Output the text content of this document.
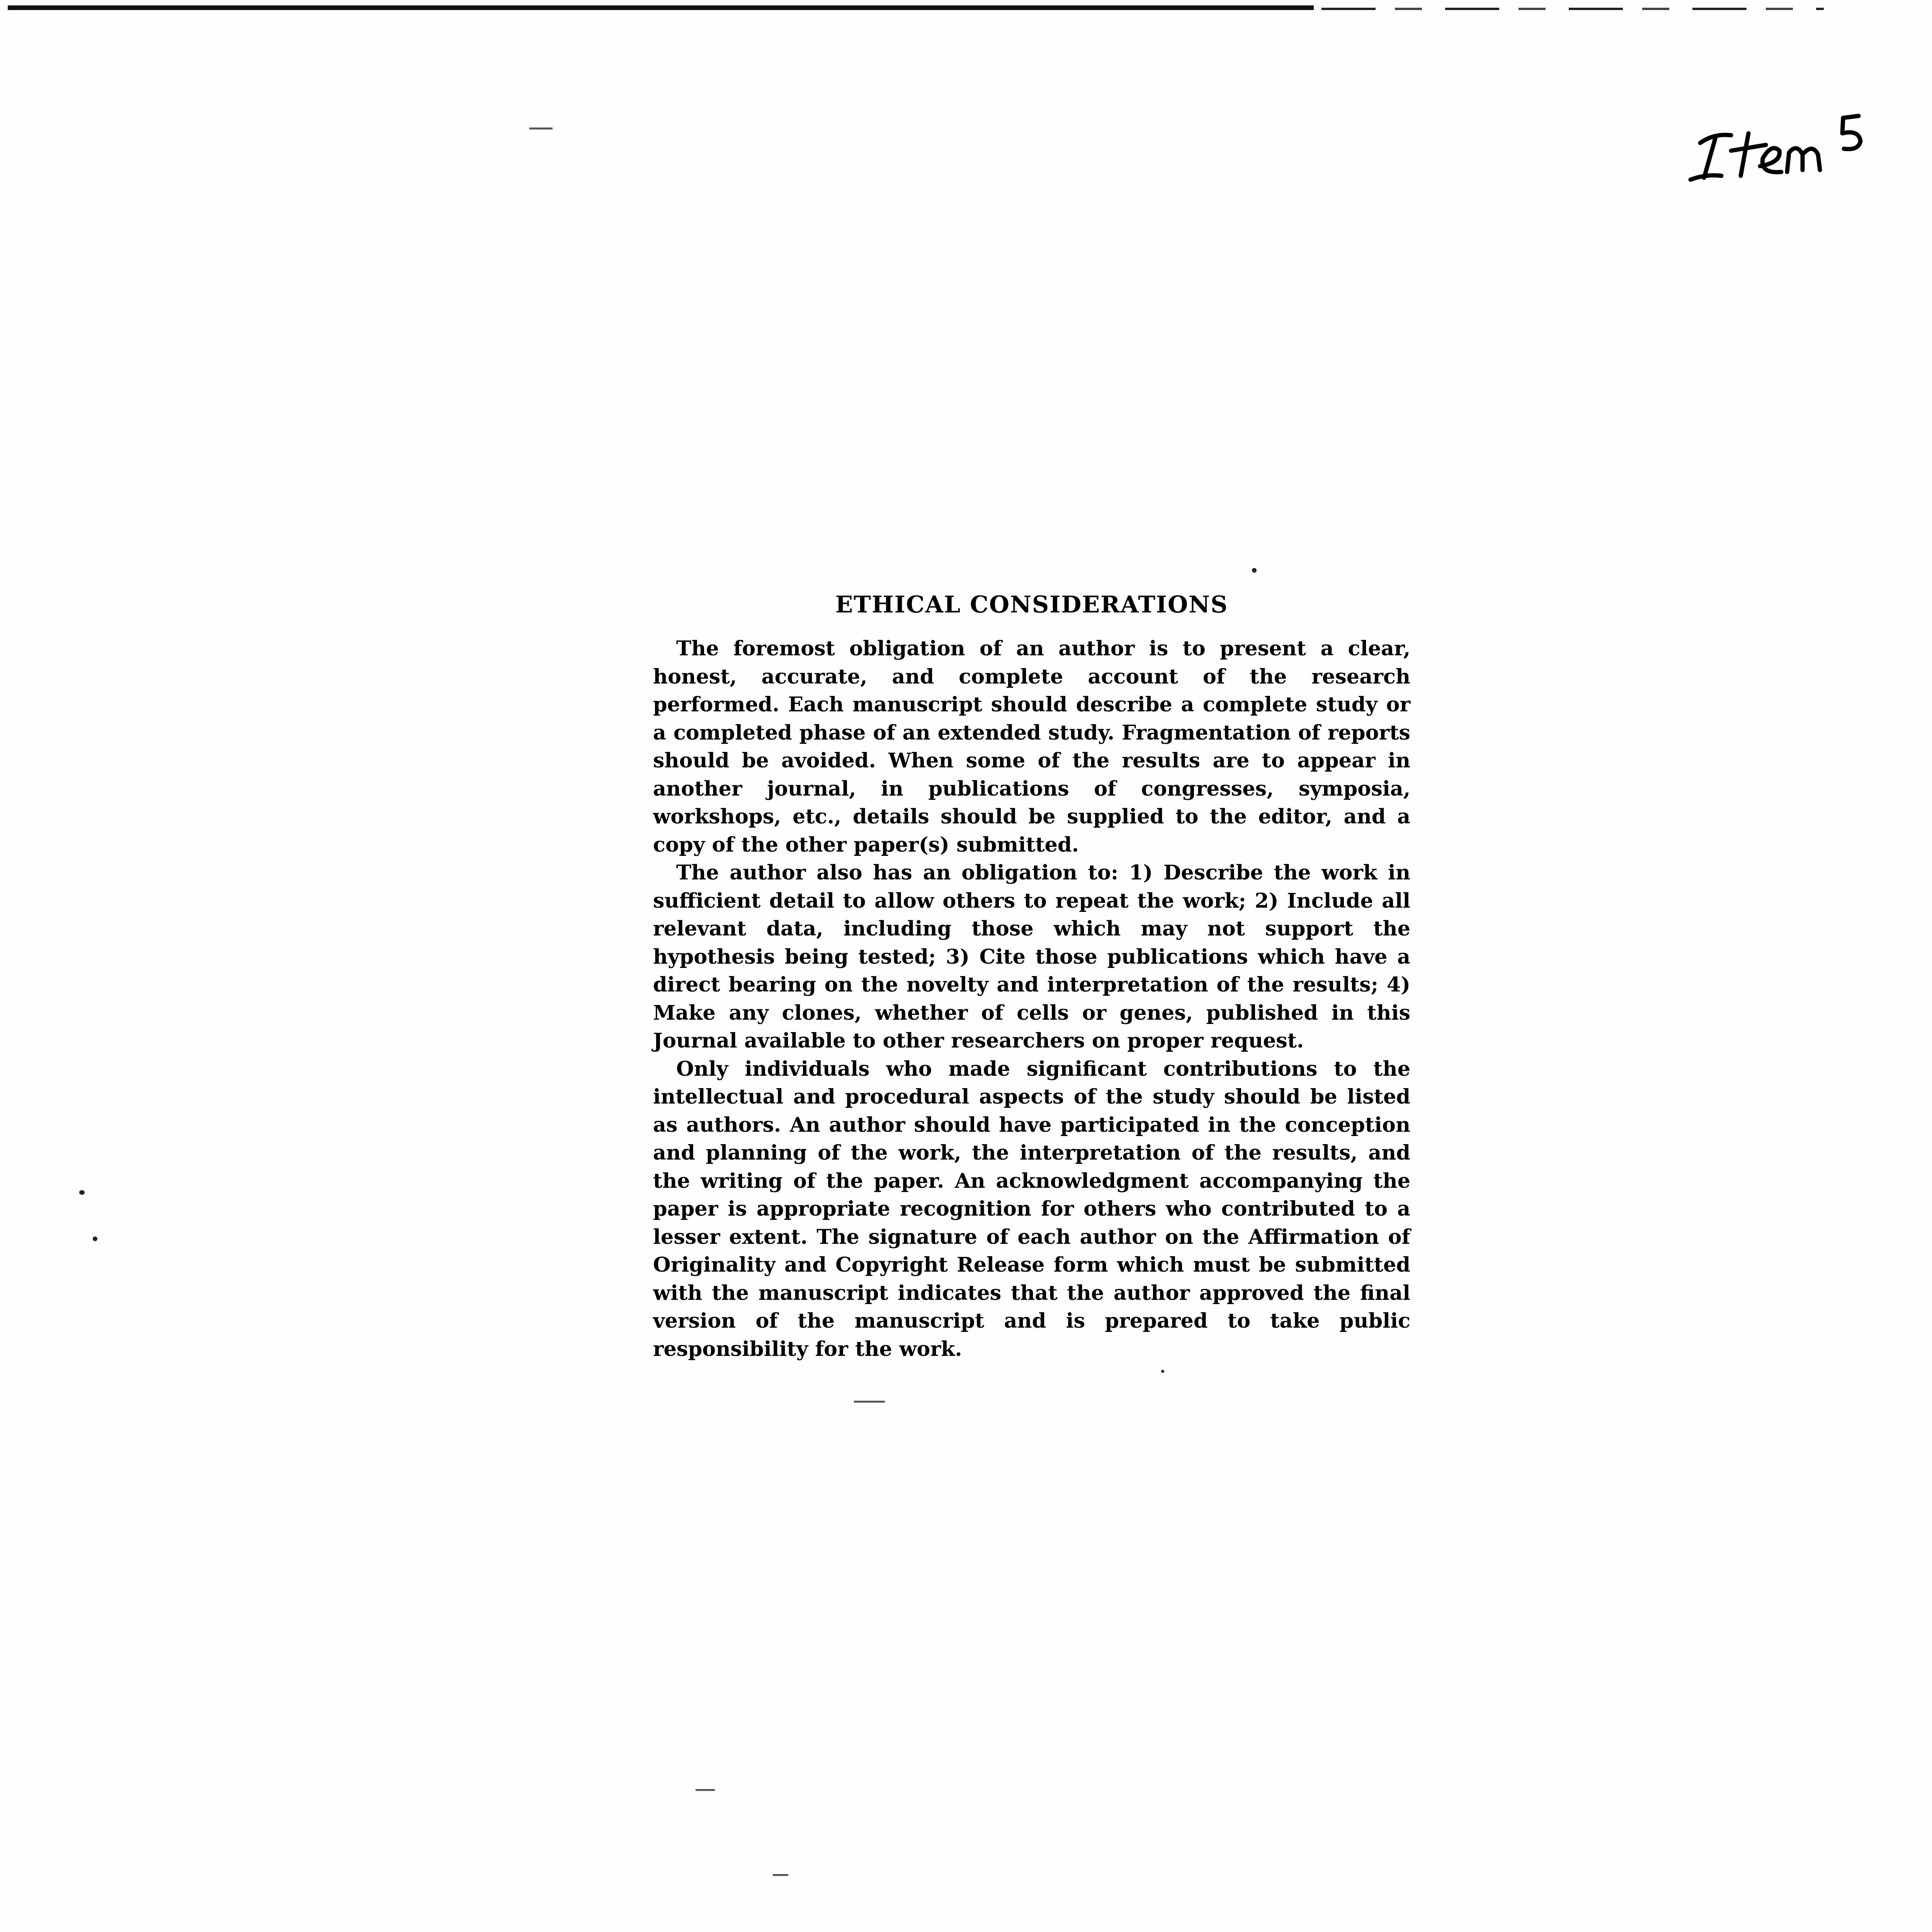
ETHICAL CONSIDERATIONS

The foremost obligation of an author is to present a clear, honest, accurate, and complete account of the research performed. Each manuscript should describe a complete study or a completed phase of an extended study. Fragmentation of reports should be avoided. When some of the results are to appear in another journal, in publications of congresses, symposia, workshops, etc., details should be supplied to the editor, and a copy of the other paper(s) submitted.

The author also has an obligation to: 1) Describe the work in sufficient detail to allow others to repeat the work; 2) Include all relevant data, including those which may not support the hypothesis being tested; 3) Cite those publications which have a direct bearing on the novelty and interpretation of the results; 4) Make any clones, whether of cells or genes, published in this Journal available to other researchers on proper request.

Only individuals who made significant contributions to the intellectual and procedural aspects of the study should be listed as authors. An author should have participated in the conception and planning of the work, the interpretation of the results, and the writing of the paper. An acknowledgment accompanying the paper is appropriate recognition for others who contributed to a lesser extent. The signature of each author on the Affirmation of Originality and Copyright Release form which must be submitted with the manuscript indicates that the author approved the final version of the manuscript and is prepared to take public responsibility for the work.
